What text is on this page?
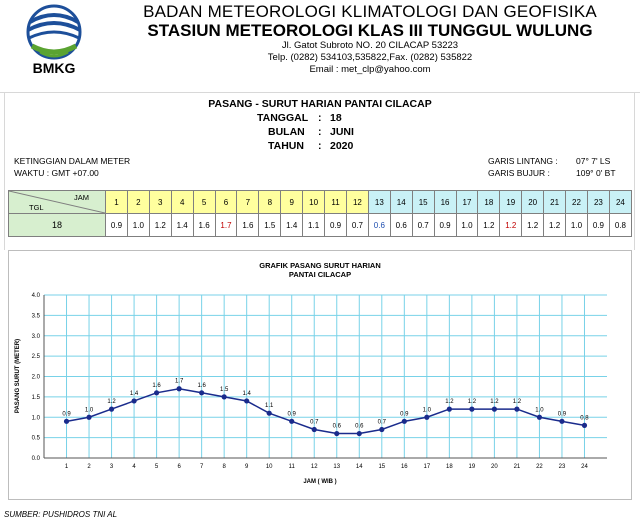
BMKG
BADAN METEOROLOGI KLIMATOLOGI DAN GEOFISIKA
STASIUN METEOROLOGI KLAS III TUNGGUL WULUNG
Jl. Gatot Subroto NO. 20 CILACAP 53223
Telp. (0282) 534103,535822,Fax. (0282) 535822
Email : met_clp@yahoo.com
PASANG - SURUT HARIAN PANTAI CILACAP
TANGGAL : 18
BULAN : JUNI
TAHUN : 2020
KETINGGIAN DALAM METER
WAKTU : GMT +07.00
GARIS LINTANG : 07° 7' LS
GARIS BUJUR :	109° 0' BT
JAM
TGL	1	2	3	4	5	6	7	8	9	10	11	12	13	14	15	16	17	18	19	20	21	22	23	24
18	0.9	1.0	1.2	1.4	1.6	1.7	1.6	1.5	1.4	1.1	0.9	0.7	0.6	0.6	0.7	0.9	1.0	1.2	1.2	1.2	1.2	1.0	0.9	0.8
GRAFIK PASANG SURUT HARIAN
PANTAI CILACAP
0.0
0.5
1.0
1.5
2.0
2.5
3.0
3.5
4.0
1	2	3	4	5	6	7	8	9	10	11	12	13	14	15	16	17	18	19	20	21	22	23	24
0.9
1.0
1.2
1.4
1.6
1.7
1.6
1.5
1.4
1.1
0.9
0.7
0.6 0.6
0.7
0.9
1.0
1.2 1.2 1.2 1.2
1.0
0.9
0.8
JAM ( WIB )
PASANG SURUT (METER)
SUMBER: PUSHIDROS TNI AL
